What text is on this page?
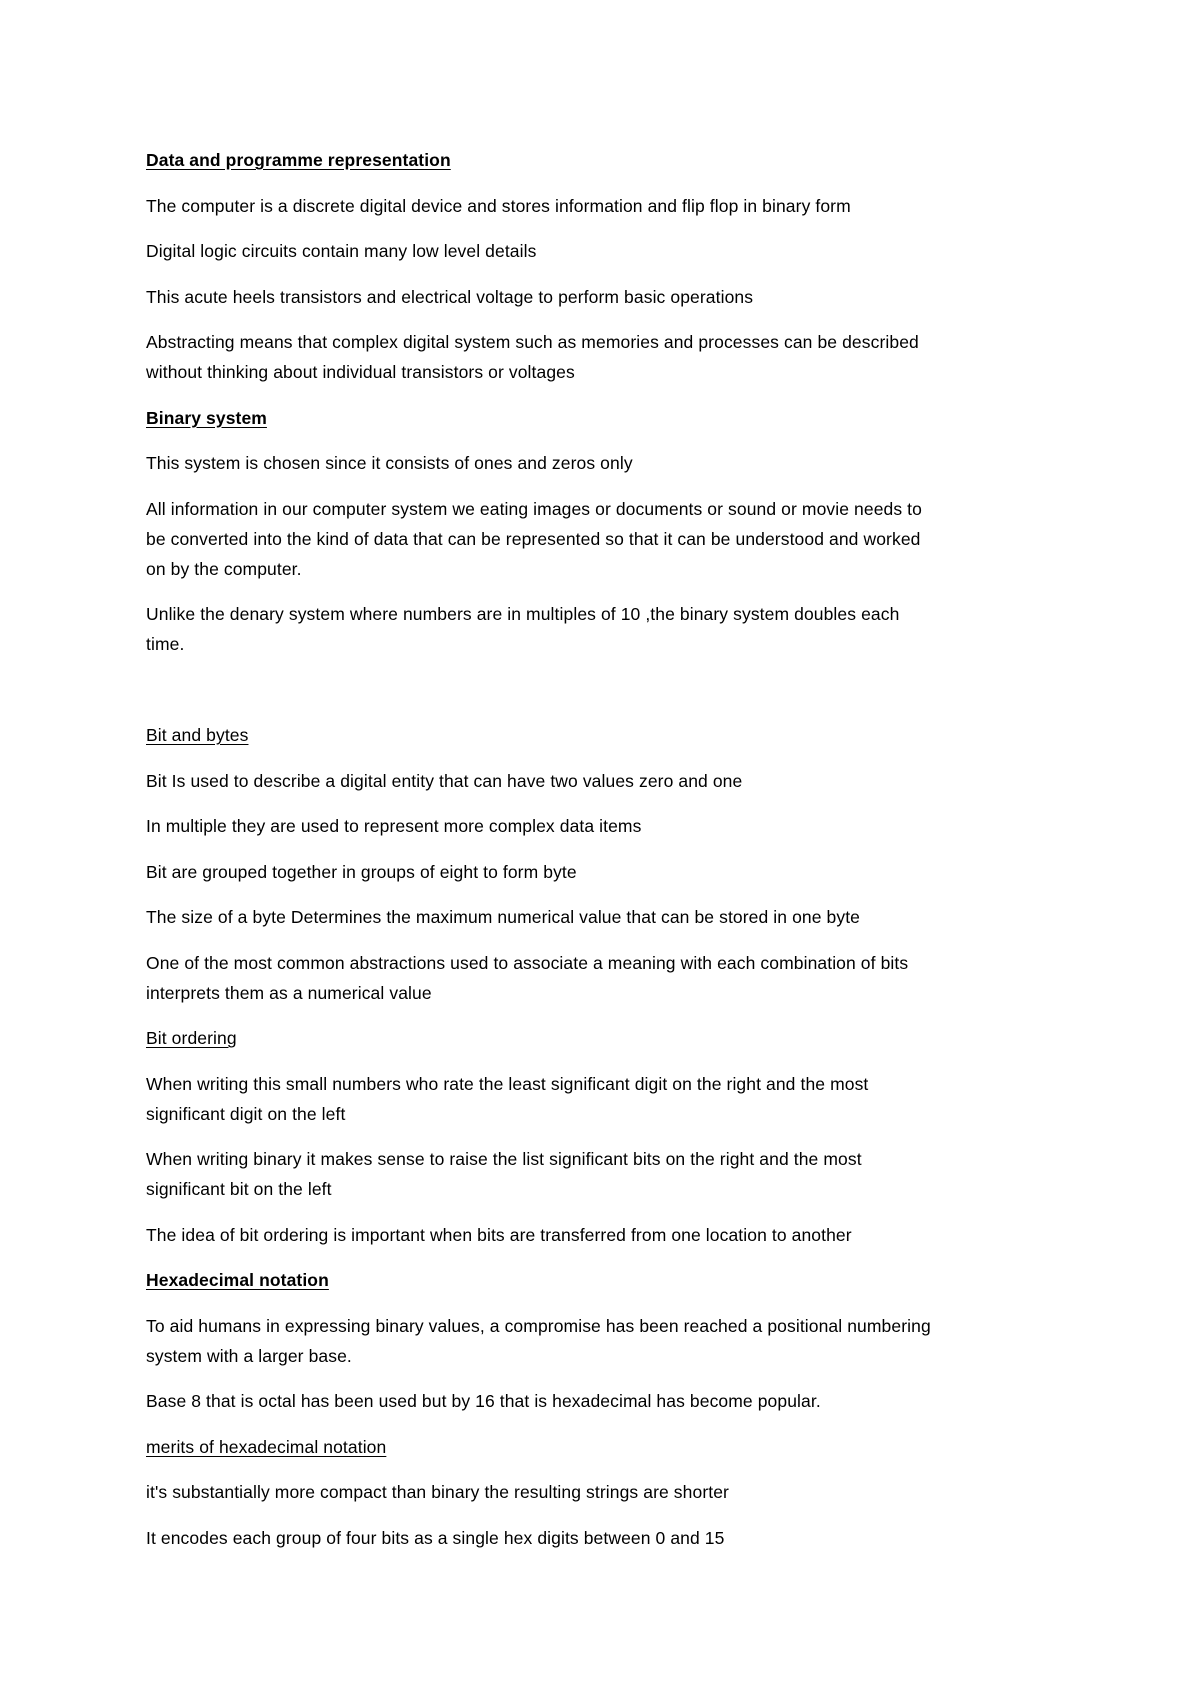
Data and programme representation

The computer is a discrete digital device and stores information and flip flop in binary form

Digital logic circuits contain many low level details

This acute heels transistors and electrical voltage to perform basic operations

Abstracting means that complex digital system such as memories and processes can be described

without thinking about individual transistors or voltages

Binary system

This system is chosen since it consists of ones and zeros only

All information in our computer system we eating images or documents or sound or movie needs to

be converted into the kind of data that can be represented so that it can be understood and worked

on by the computer.

Unlike the denary system where numbers are in multiples of 10 ,the binary system doubles each

time.

Bit and bytes

Bit Is used to describe a digital entity that can have two values zero and one

In multiple they are used to represent more complex data items

Bit are grouped together in groups of eight to form byte

The size of a byte Determines the maximum numerical value that can be stored in one byte

One of the most common abstractions used to associate a meaning with each combination of bits

interprets them as a numerical value

Bit ordering

When writing this small numbers who rate the least significant digit on the right and the most

significant digit on the left

When writing binary it makes sense to raise the list significant bits on the right and the most

significant bit on the left

The idea of bit ordering is important when bits are transferred from one location to another

Hexadecimal notation

To aid humans in expressing binary values, a compromise has been reached a positional numbering

system with a larger base.

Base 8 that is octal has been used but by 16 that is hexadecimal has become popular.

merits of hexadecimal notation

it's substantially more compact than binary the resulting strings are shorter

It encodes each group of four bits as a single hex digits between 0 and 15
